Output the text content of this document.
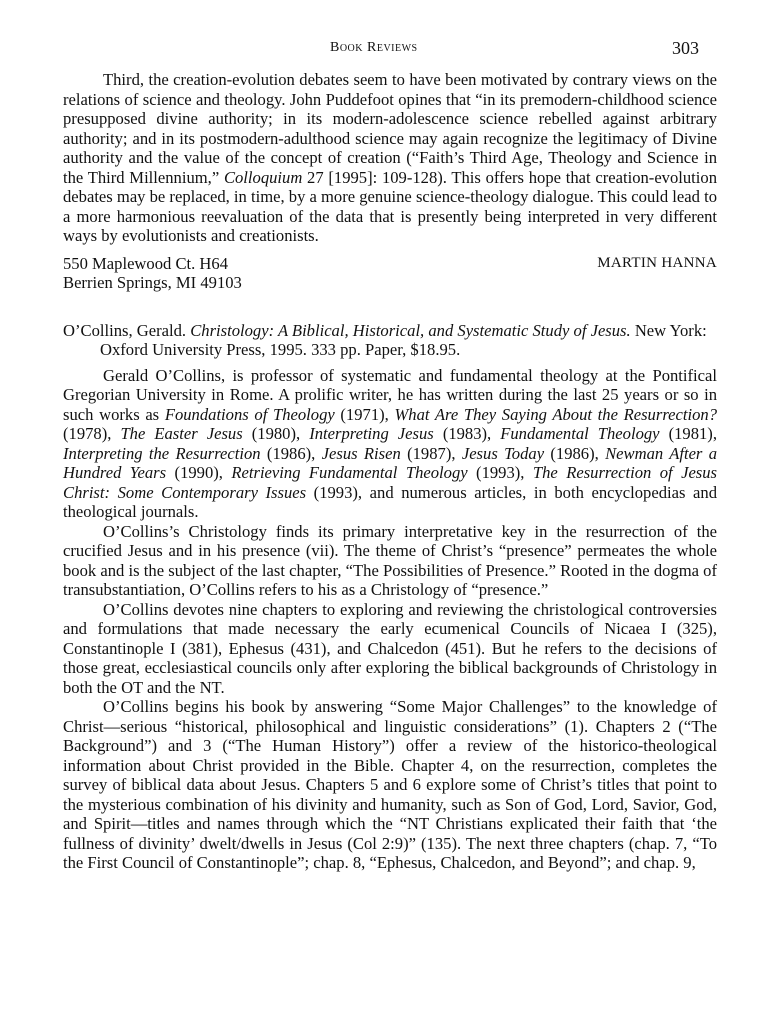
Book Reviews	303

Third, the creation-evolution debates seem to have been motivated by contrary views on the relations of science and theology. John Puddefoot opines that “in its premodern-childhood science presupposed divine authority; in its modern-adolescence science rebelled against arbitrary authority; and in its postmodern-adulthood science may again recognize the legitimacy of Divine authority and the value of the concept of creation (“Faith’s Third Age, Theology and Science in the Third Millennium,” Colloquium 27 [1995]: 109-128). This offers hope that creation-evolution debates may be replaced, in time, by a more genuine science-theology dialogue. This could lead to a more harmonious reevaluation of the data that is presently being interpreted in very different ways by evolutionists and creationists.

550 Maplewood Ct. H64
Berrien Springs, MI 49103
MARTIN HANNA

O’Collins, Gerald. Christology: A Biblical, Historical, and Systematic Study of Jesus. New York: Oxford University Press, 1995. 333 pp. Paper, $18.95.

Gerald O’Collins, is professor of systematic and fundamental theology at the Pontifical Gregorian University in Rome. A prolific writer, he has written during the last 25 years or so in such works as Foundations of Theology (1971), What Are They Saying About the Resurrection? (1978), The Easter Jesus (1980), Interpreting Jesus (1983), Fundamental Theology (1981), Interpreting the Resurrection (1986), Jesus Risen (1987), Jesus Today (1986), Newman After a Hundred Years (1990), Retrieving Fundamental Theology (1993), The Resurrection of Jesus Christ: Some Contemporary Issues (1993), and numerous articles, in both encyclopedias and theological journals.

O’Collins’s Christology finds its primary interpretative key in the resurrection of the crucified Jesus and in his presence (vii). The theme of Christ’s “presence” permeates the whole book and is the subject of the last chapter, “The Possibilities of Presence.” Rooted in the dogma of transubstantiation, O’Collins refers to his as a Christology of “presence.”

O’Collins devotes nine chapters to exploring and reviewing the christological controversies and formulations that made necessary the early ecumenical Councils of Nicaea I (325), Constantinople I (381), Ephesus (431), and Chalcedon (451). But he refers to the decisions of those great, ecclesiastical councils only after exploring the biblical backgrounds of Christology in both the OT and the NT.

O’Collins begins his book by answering “Some Major Challenges” to the knowledge of Christ—serious “historical, philosophical and linguistic considerations” (1). Chapters 2 (“The Background”) and 3 (“The Human History”) offer a review of the historico-theological information about Christ provided in the Bible. Chapter 4, on the resurrection, completes the survey of biblical data about Jesus. Chapters 5 and 6 explore some of Christ’s titles that point to the mysterious combination of his divinity and humanity, such as Son of God, Lord, Savior, God, and Spirit—titles and names through which the “NT Christians explicated their faith that ‘the fullness of divinity’ dwelt/dwells in Jesus (Col 2:9)” (135). The next three chapters (chap. 7, “To the First Council of Constantinople”; chap. 8, “Ephesus, Chalcedon, and Beyond”; and chap. 9,
